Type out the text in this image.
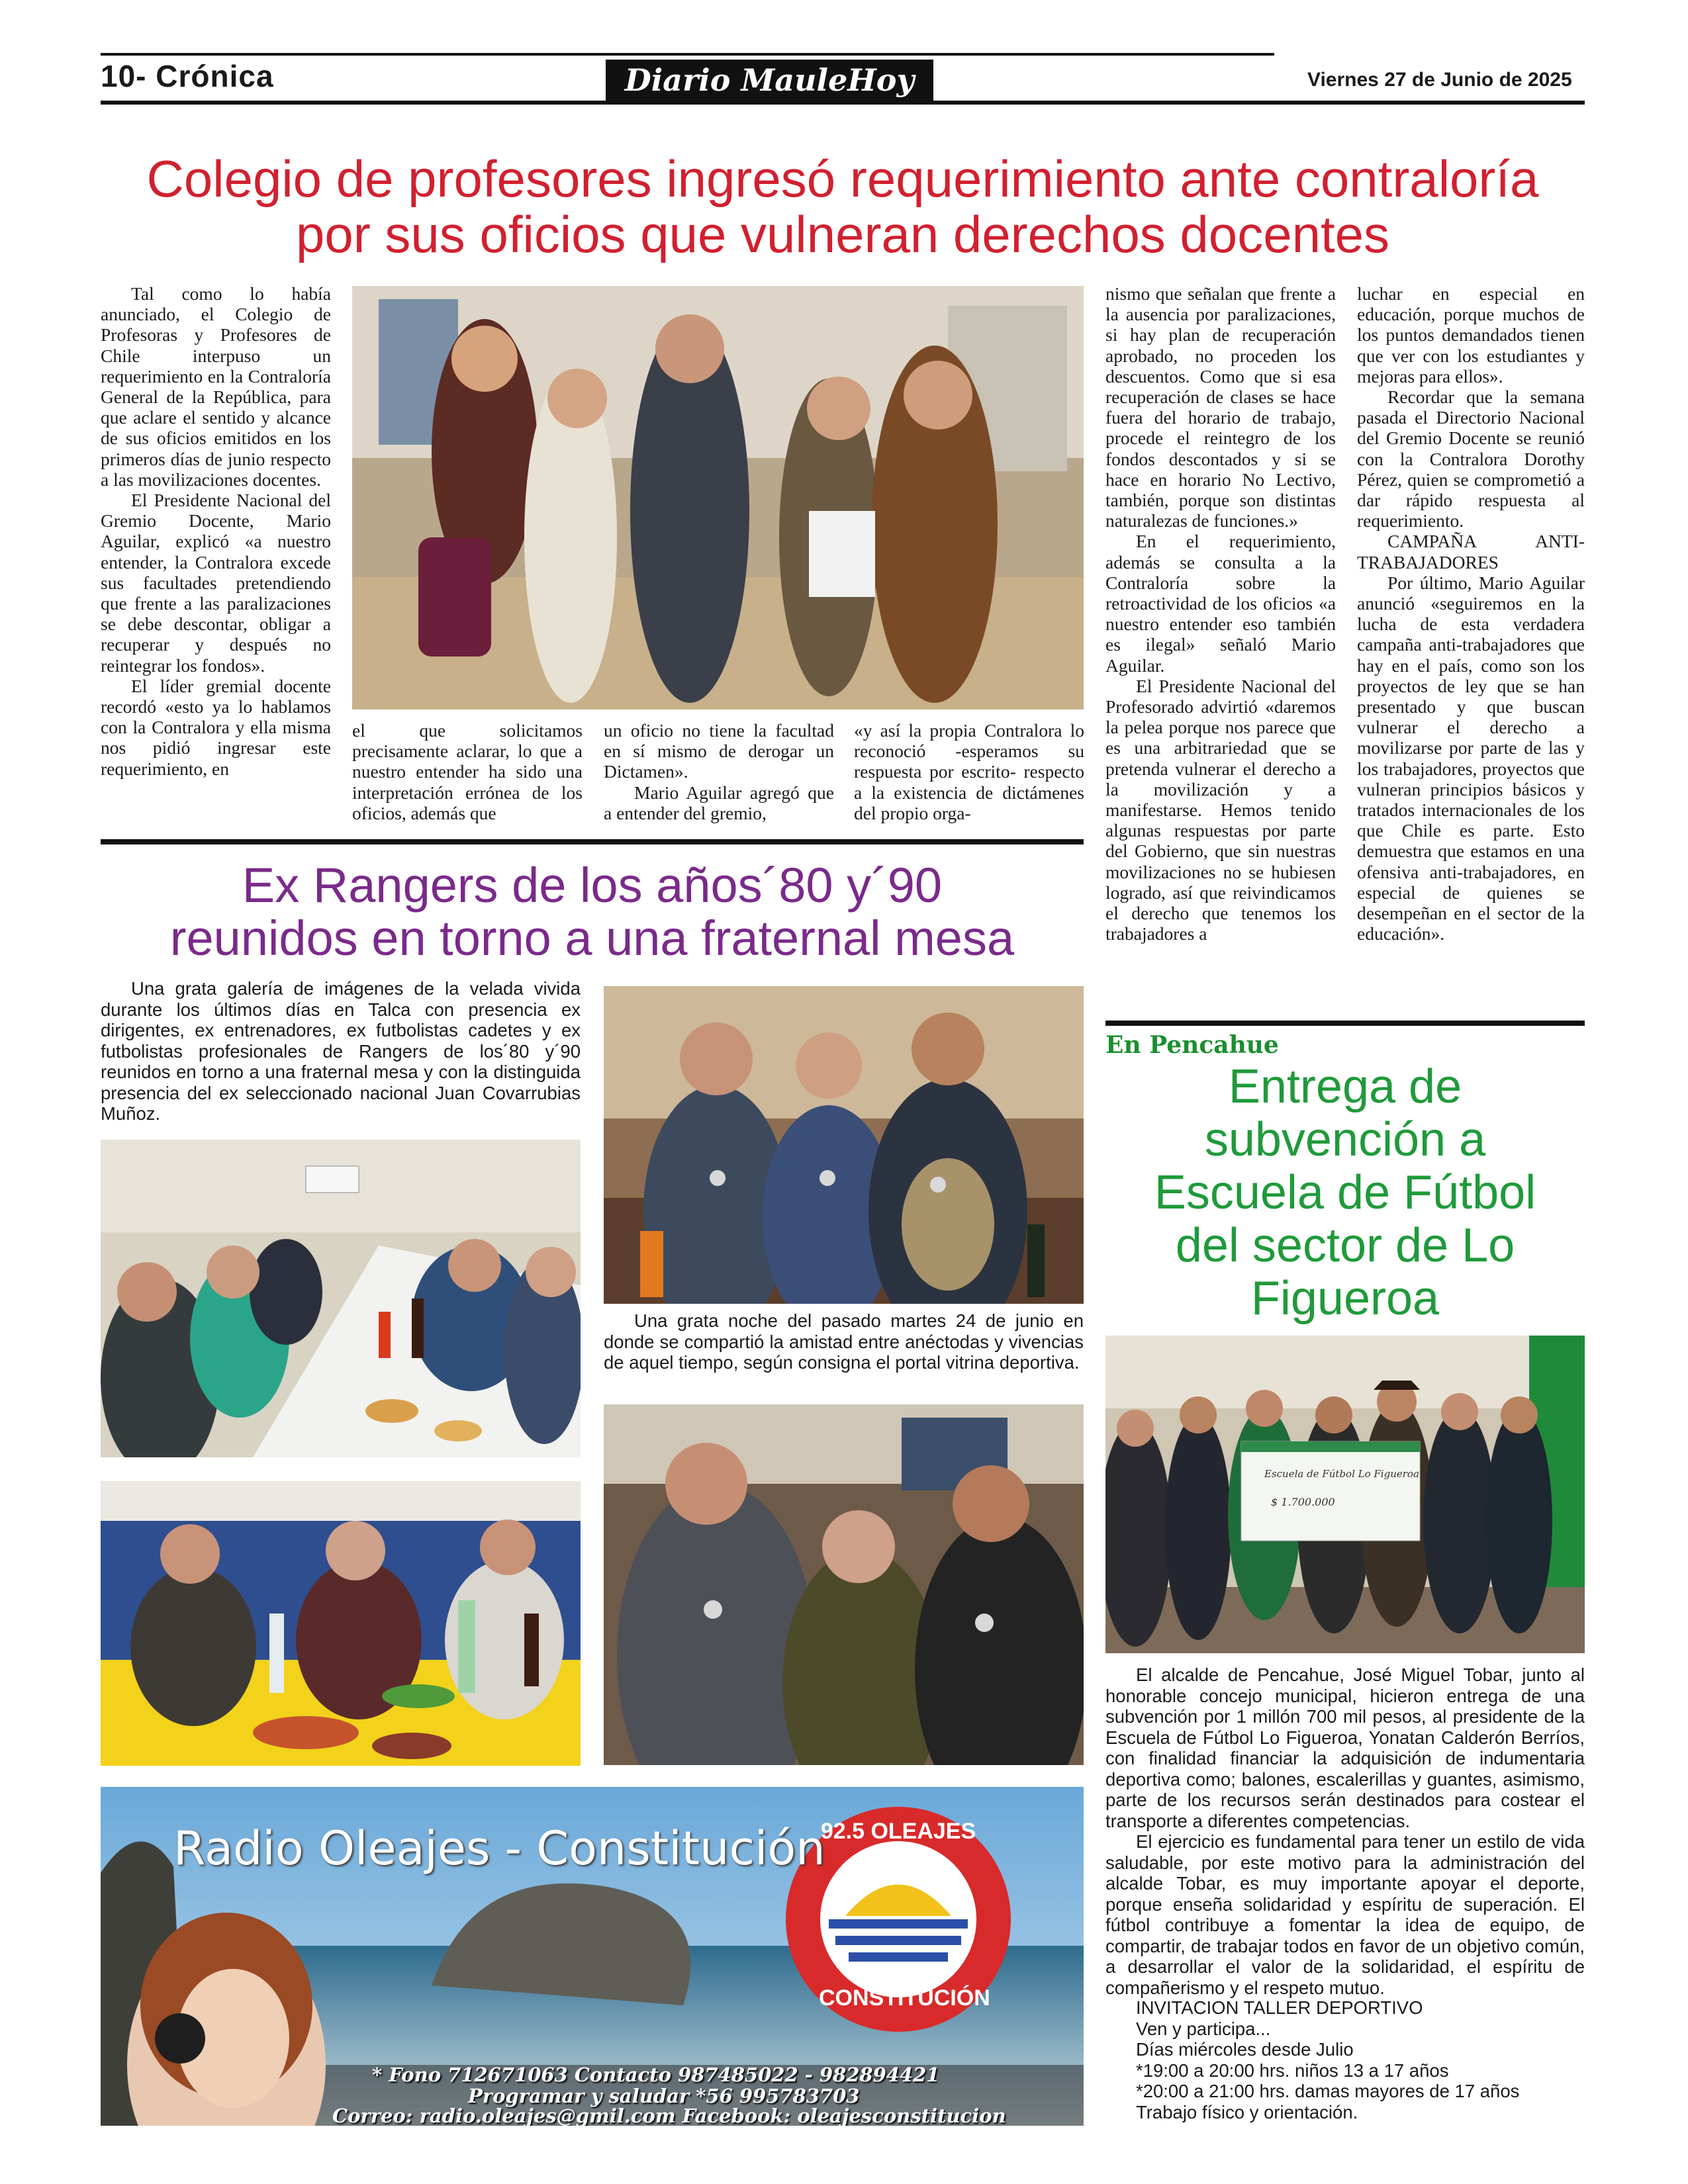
10- Crónica	Diario MauleHoy	Viernes 27 de Junio de 2025
Colegio de profesores ingresó requerimiento ante contraloría
por sus oficios que vulneran derechos docentes

Tal como lo había anunciado, el Colegio de Profesoras y Profesores de Chile interpuso un requerimiento en la Contraloría General de la República, para que aclare el sentido y alcance de sus oficios emitidos en los primeros días de junio respecto a las movilizaciones docentes.

El Presidente Nacional del Gremio Docente, Mario Aguilar, explicó «a nuestro entender, la Contralora excede sus facultades pretendiendo que frente a las paralizaciones se debe descontar, obligar a recuperar y después no reintegrar los fondos».

El líder gremial docente recordó «esto ya lo hablamos con la Contralora y ella misma nos pidió ingresar este requerimiento, en

el que solicitamos precisamente aclarar, lo que a nuestro entender ha sido una interpretación errónea de los oficios, además que

un oficio no tiene la facultad en sí mismo de derogar un Dictamen».

Mario Aguilar agregó que a entender del gremio,

«y así la propia Contralora lo reconoció -esperamos su respuesta por escrito- respecto a la existencia de dictámenes del propio orga-

nismo que señalan que frente a la ausencia por paralizaciones, si hay plan de recuperación aprobado, no proceden los descuentos. Como que si esa recuperación de clases se hace fuera del horario de trabajo, procede el reintegro de los fondos descontados y si se hace en horario No Lectivo, también, porque son distintas naturalezas de funciones.»

En el requerimiento, además se consulta a la Contraloría sobre la retroactividad de los oficios «a nuestro entender eso también es ilegal» señaló Mario Aguilar.

El Presidente Nacional del Profesorado advirtió «daremos la pelea porque nos parece que es una arbitrariedad que se pretenda vulnerar el derecho a la movilización y a manifestarse. Hemos tenido algunas respuestas por parte del Gobierno, que sin nuestras movilizaciones no se hubiesen logrado, así que reivindicamos el derecho que tenemos los trabajadores a

luchar en especial en educación, porque muchos de los puntos demandados tienen que ver con los estudiantes y mejoras para ellos».

Recordar que la semana pasada el Directorio Nacional del Gremio Docente se reunió con la Contralora Dorothy Pérez, quien se comprometió a dar rápido respuesta al requerimiento.

CAMPAÑA ANTI-TRABAJADORES

Por último, Mario Aguilar anunció «seguiremos en la lucha de esta verdadera campaña anti-trabajadores que hay en el país, como son los proyectos de ley que se han presentado y que buscan vulnerar el derecho a movilizarse por parte de las y los trabajadores, proyectos que vulneran principios básicos y tratados internacionales de los que Chile es parte. Esto demuestra que estamos en una ofensiva anti-trabajadores, en especial de quienes se desempeñan en el sector de la educación».

Ex Rangers de los años´80 y´90
reunidos en torno a una fraternal mesa

Una grata galería de imágenes de la velada vivida durante los últimos días en Talca con presencia ex dirigentes, ex entrenadores, ex futbolistas cadetes y ex futbolistas profesionales de Rangers de los´80 y´90 reunidos en torno a una fraternal mesa y con la distinguida presencia del ex seleccionado nacional Juan Covarrubias Muñoz.

Una grata noche del pasado martes 24 de junio en donde se compartió la amistad entre anéctodas y vivencias de aquel tiempo, según consigna el portal vitrina deportiva.

Radio Oleajes - Constitución
92.5 OLEAJES F.M.
CONSTITUCIÓN
* Fono 712671063 Contacto 987485022 - 982894421
Programar y saludar *56 995783703
Correo: radio.oleajes@gmil.com Facebook: oleajesconstitucion
En Pencahue
Entrega de
subvención a
Escuela de Fútbol
del sector de Lo
Figueroa
Escuela de Fútbol Lo Figueroa
$ 1.700.000

El alcalde de Pencahue, José Miguel Tobar, junto al honorable concejo municipal, hicieron entrega de una subvención por 1 millón 700 mil pesos, al presidente de la Escuela de Fútbol Lo Figueroa, Yonatan Calderón Berríos, con finalidad financiar la adquisición de indumentaria deportiva como; balones, escalerillas y guantes, asimismo, parte de los recursos serán destinados para costear el transporte a diferentes competencias.

El ejercicio es fundamental para tener un estilo de vida saludable, por este motivo para la administración del alcalde Tobar, es muy importante apoyar el deporte, porque enseña solidaridad y espíritu de superación. El fútbol contribuye a fomentar la idea de equipo, de compartir, de trabajar todos en favor de un objetivo común, a desarrollar el valor de la solidaridad, el espíritu de compañerismo y el respeto mutuo.

INVITACION TALLER DEPORTIVO
Ven y participa...
Días miércoles desde Julio
*19:00 a 20:00 hrs. niños 13 a 17 años
*20:00 a 21:00 hrs. damas mayores de 17 años
Trabajo físico y orientación.
